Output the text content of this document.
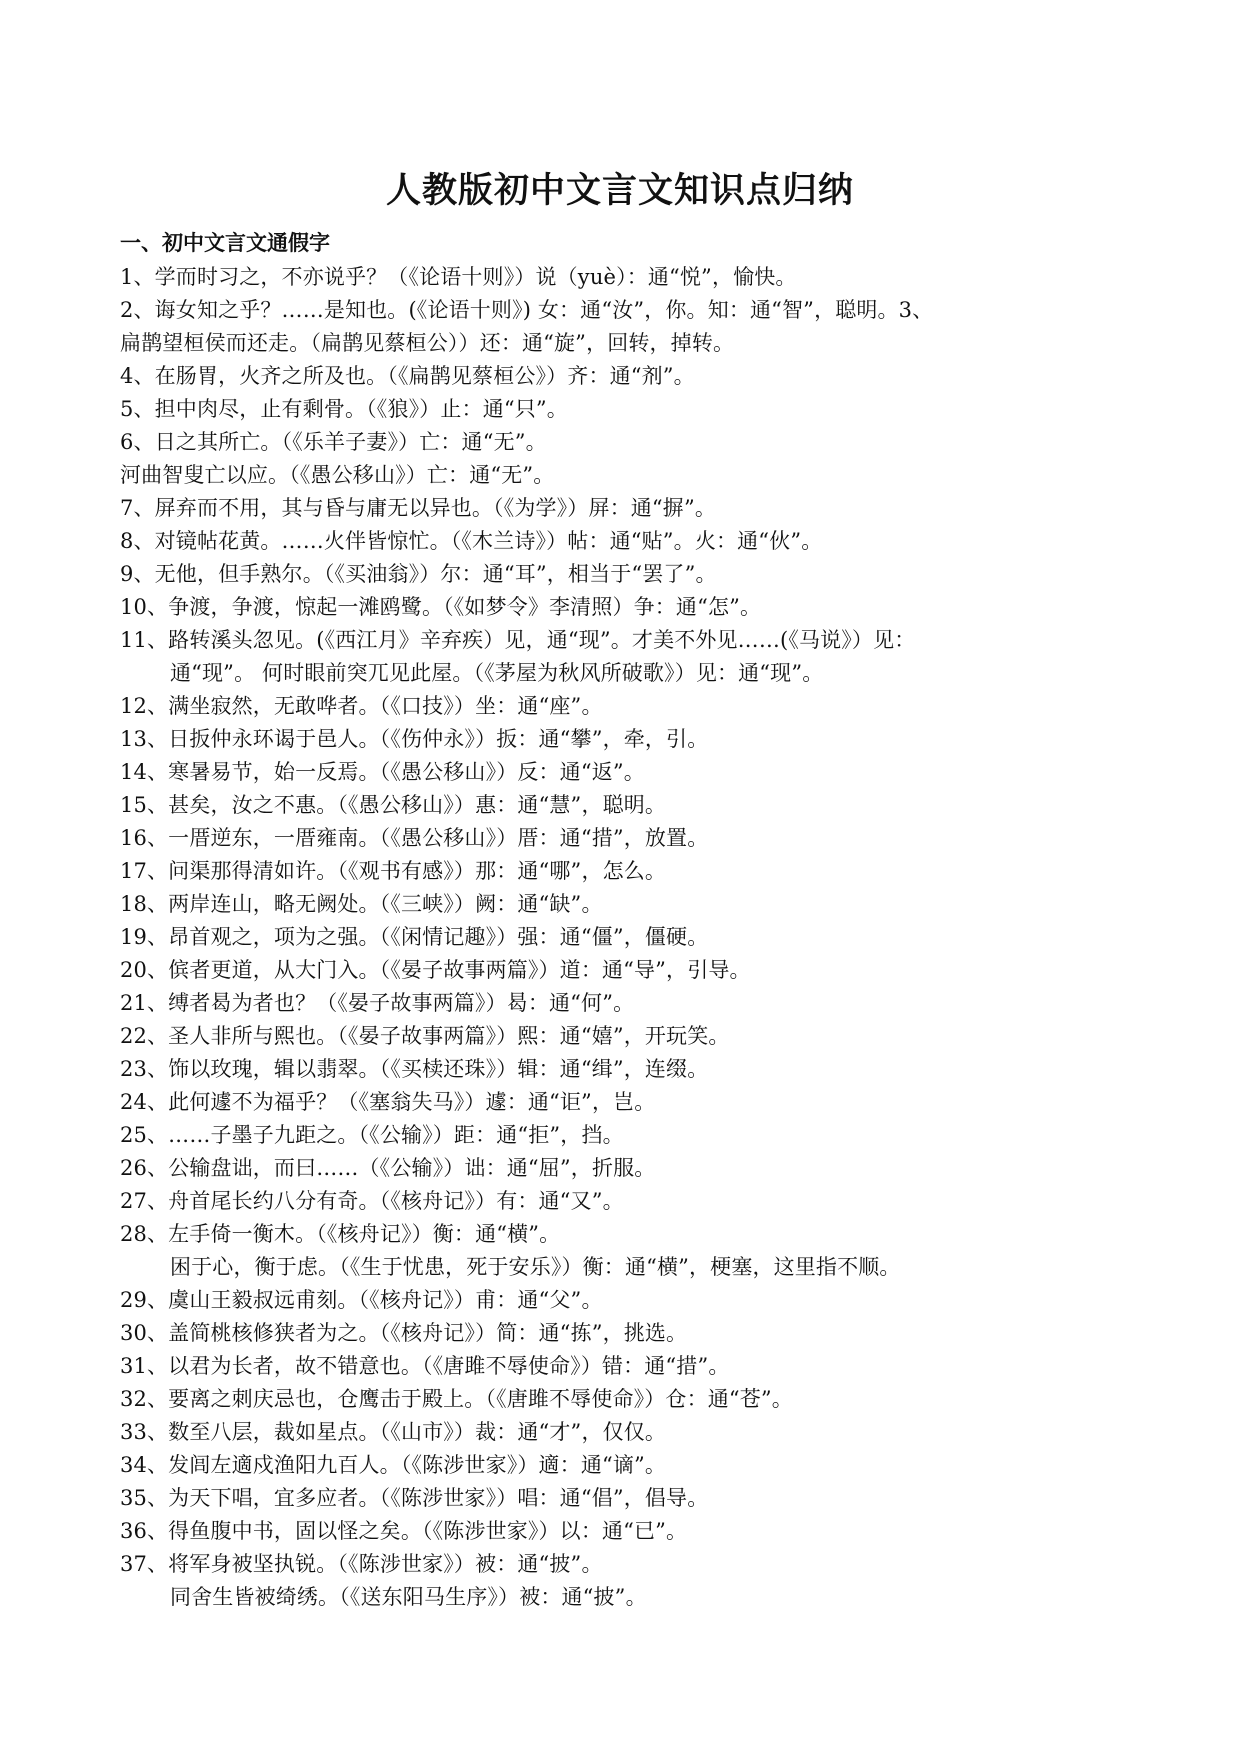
人教版初中文言文知识点归纳
一、初中文言文通假字
1、学而时习之，不亦说乎？（《论语十则》）说（yuè）：通“悦”，愉快。
2、诲女知之乎？……是知也。(《论语十则》) 女：通“汝”，你。知：通“智”，聪明。3、
扁鹊望桓侯而还走。（扁鹊见蔡桓公））还：通“旋”，回转，掉转。
4、在肠胃，火齐之所及也。（《扁鹊见蔡桓公》）齐：通“剂”。
5、担中肉尽，止有剩骨。（《狼》）止：通“只”。
6、日之其所亡。（《乐羊子妻》）亡：通“无”。
河曲智叟亡以应。（《愚公移山》）亡：通“无”。
7、屏弃而不用，其与昏与庸无以异也。（《为学》）屏：通“摒”。
8、对镜帖花黄。……火伴皆惊忙。（《木兰诗》）帖：通“贴”。火：通“伙”。
9、无他，但手熟尔。（《买油翁》）尔：通“耳”，相当于“罢了”。
10、争渡，争渡，惊起一滩鸥鹭。（《如梦令》李清照）争：通“怎”。
11、路转溪头忽见。(《西江月》辛弃疾）见，通“现”。才美不外见……(《马说》）见：
通“现”。 何时眼前突兀见此屋。（《茅屋为秋风所破歌》）见：通“现”。
12、满坐寂然，无敢哗者。（《口技》）坐：通“座”。
13、日扳仲永环谒于邑人。（《伤仲永》）扳：通“攀”，牵，引。
14、寒暑易节，始一反焉。（《愚公移山》）反：通“返”。
15、甚矣，汝之不惠。（《愚公移山》）惠：通“慧”，聪明。
16、一厝逆东，一厝雍南。（《愚公移山》）厝：通“措”，放置。
17、问渠那得清如许。（《观书有感》）那：通“哪”，怎么。
18、两岸连山，略无阙处。（《三峡》）阙：通“缺”。
19、昂首观之，项为之强。（《闲情记趣》）强：通“僵”，僵硬。
20、傧者更道，从大门入。（《晏子故事两篇》）道：通“导”，引导。
21、缚者曷为者也？（《晏子故事两篇》）曷：通“何”。
22、圣人非所与熙也。（《晏子故事两篇》）熙：通“嬉”，开玩笑。
23、饰以玫瑰，辑以翡翠。（《买椟还珠》）辑：通“缉”，连缀。
24、此何遽不为福乎？（《塞翁失马》）遽：通“讵”，岂。
25、……子墨子九距之。（《公输》）距：通“拒”，挡。
26、公输盘诎，而曰……（《公输》）诎：通“屈”，折服。
27、舟首尾长约八分有奇。（《核舟记》）有：通“又”。
28、左手倚一衡木。（《核舟记》）衡：通“横”。
困于心，衡于虑。（《生于忧患，死于安乐》）衡：通“横”，梗塞，这里指不顺。
29、虞山王毅叔远甫刻。（《核舟记》）甫：通“父”。
30、盖简桃核修狭者为之。（《核舟记》）简：通“拣”，挑选。
31、以君为长者，故不错意也。（《唐雎不辱使命》）错：通“措”。
32、要离之刺庆忌也，仓鹰击于殿上。（《唐雎不辱使命》）仓：通“苍”。
33、数至八层，裁如星点。（《山市》）裁：通“才”，仅仅。
34、发闾左適戍渔阳九百人。（《陈涉世家》）適：通“谪”。
35、为天下唱，宜多应者。（《陈涉世家》）唱：通“倡”，倡导。
36、得鱼腹中书，固以怪之矣。（《陈涉世家》）以：通“已”。
37、将军身被坚执锐。（《陈涉世家》）被：通“披”。
同舍生皆被绮绣。（《送东阳马生序》）被：通“披”。
